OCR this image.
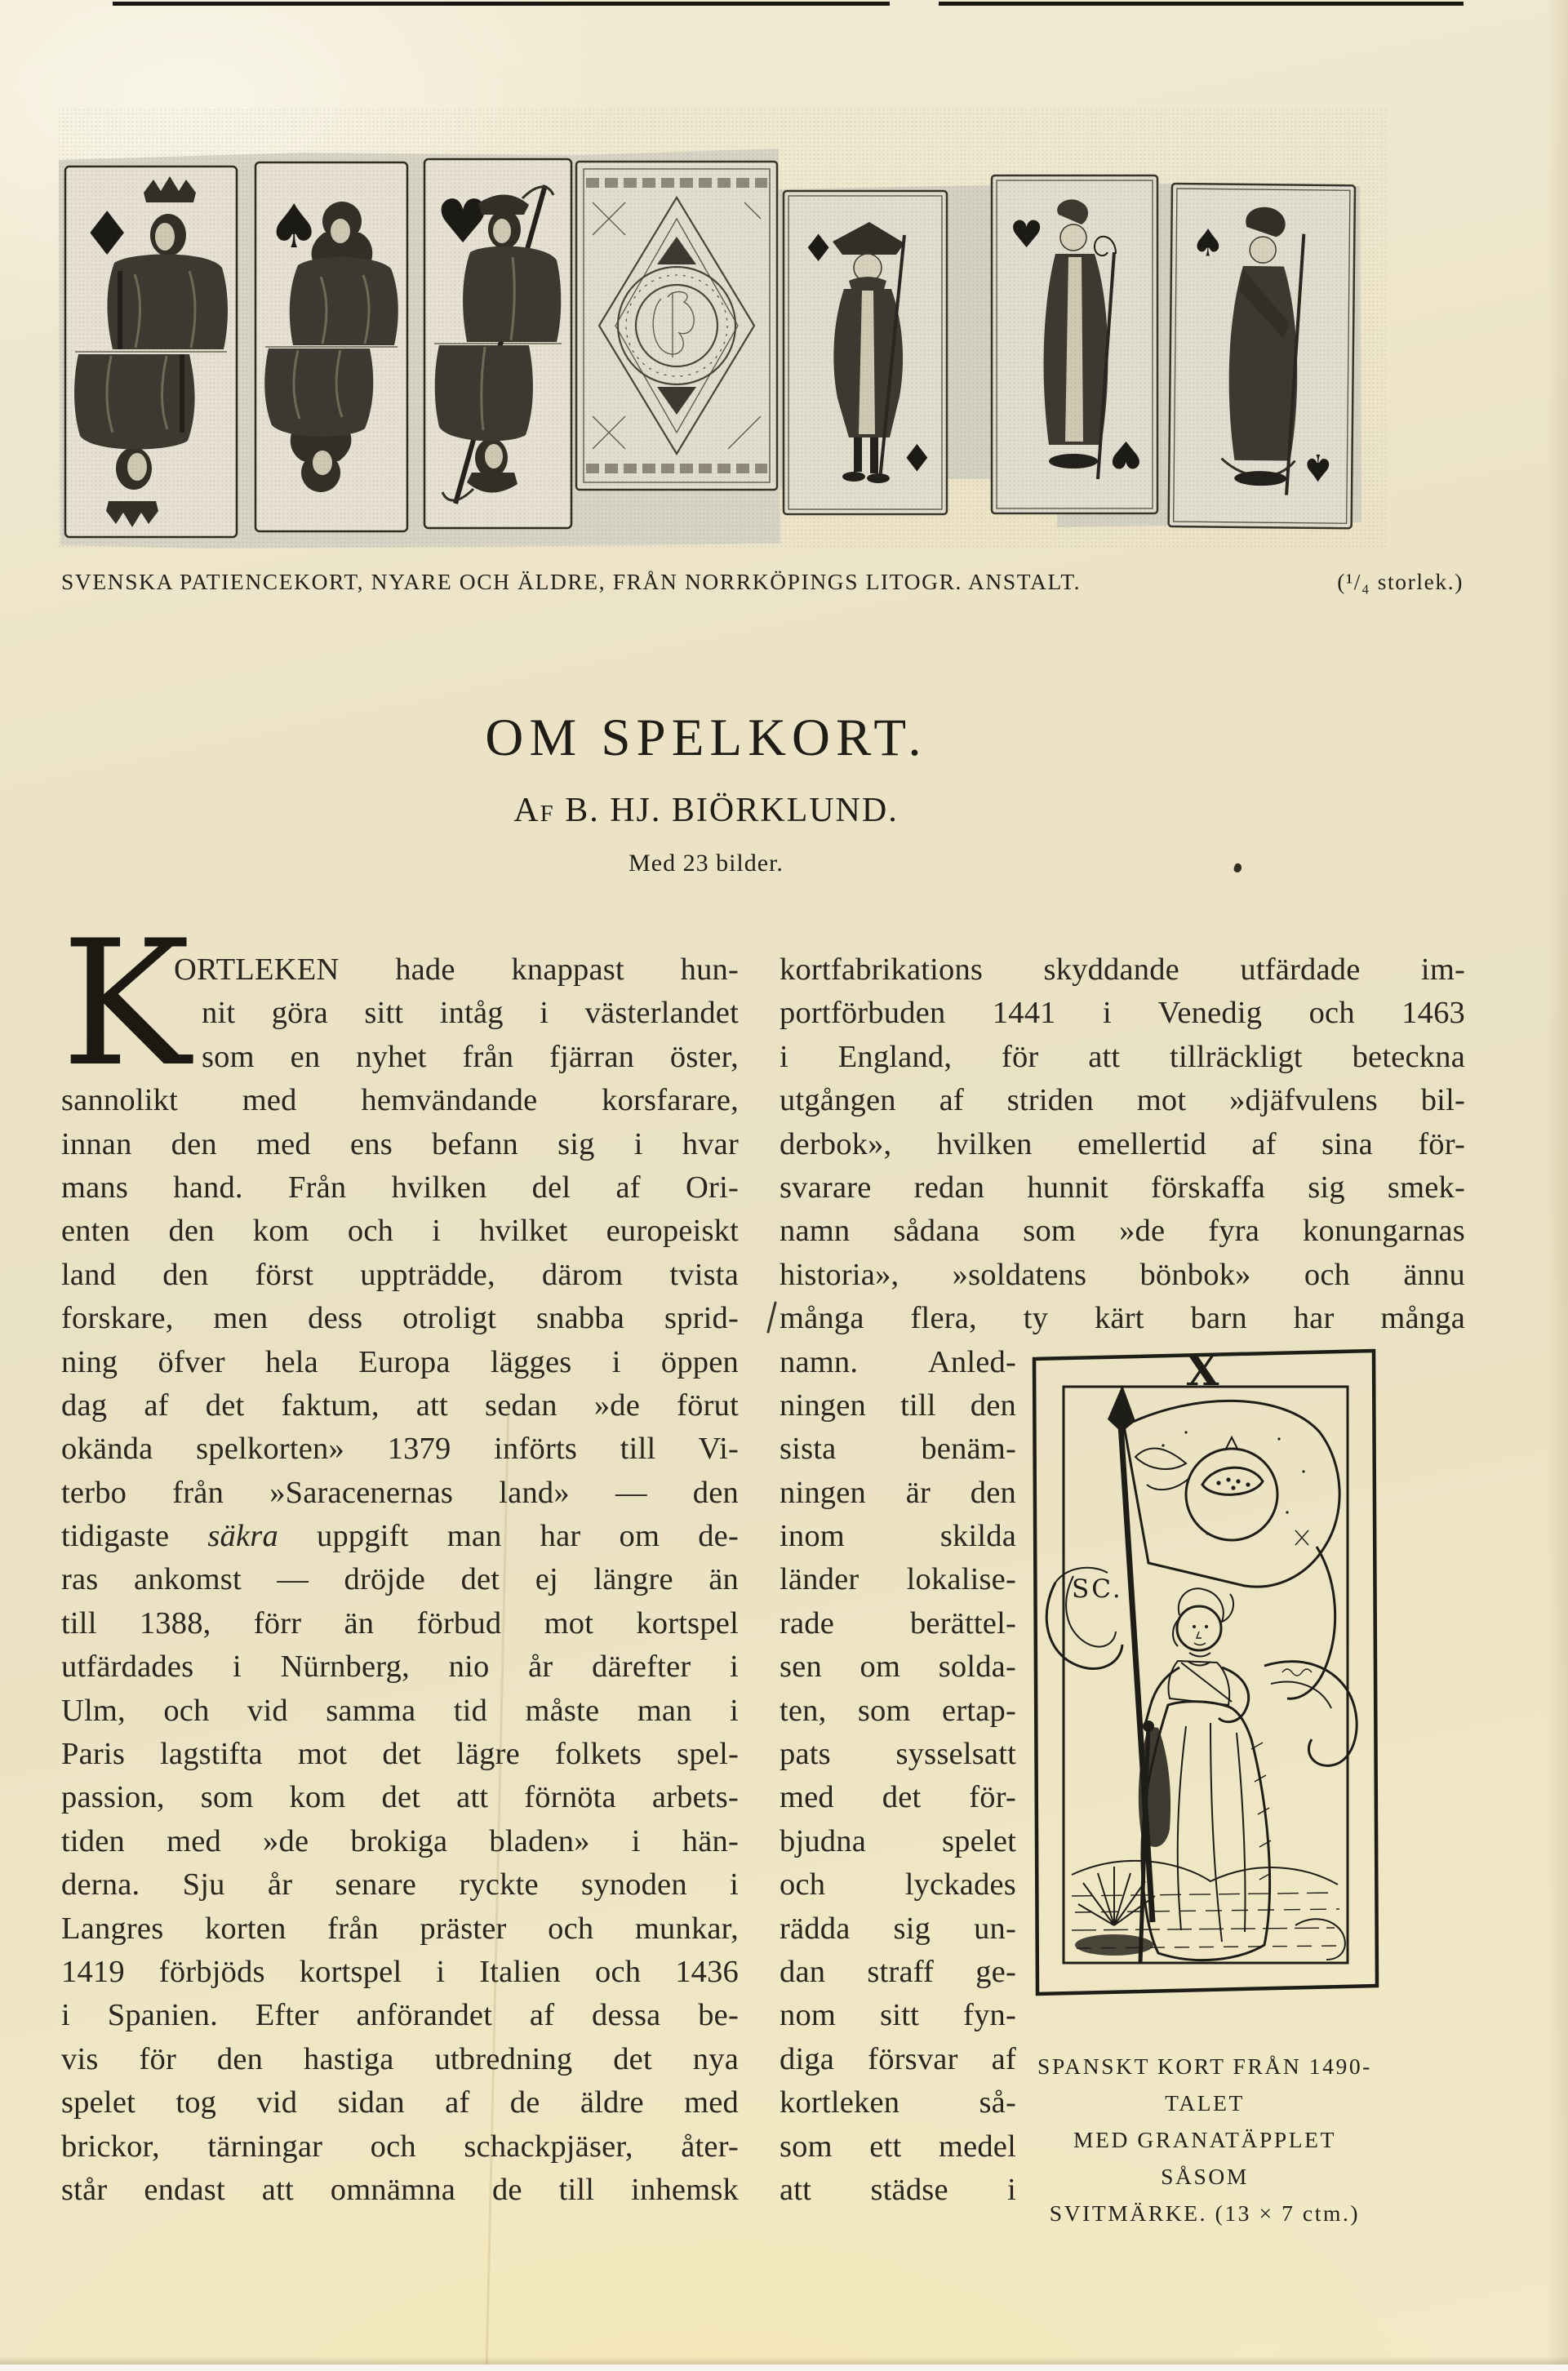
SVENSKA PATIENCEKORT, NYARE OCH ÄLDRE, FRÅN NORRKÖPINGS LITOGR. ANSTALT.	(¹/₄ storlek.)
OM SPELKORT.
Af B. HJ. BIÖRKLUND.
Med 23 bilder.
K
ORTLEKEN hade knappast hun-
nit göra sitt intåg i västerlandet
som en nyhet från fjärran öster,
sannolikt med hemvändande korsfarare,
innan den med ens befann sig i hvar
mans hand. Från hvilken del af Ori-
enten den kom och i hvilket europeiskt
land den först uppträdde, därom tvista
forskare, men dess otroligt snabba sprid-
ning öfver hela Europa lägges i öppen
dag af det faktum, att sedan »de förut
okända spelkorten» 1379 införts till Vi-
terbo från »Saracenernas land» — den
tidigaste säkra uppgift man har om de-
ras ankomst — dröjde det ej längre än
till 1388, förr än förbud mot kortspel
utfärdades i Nürnberg, nio år därefter i
Ulm, och vid samma tid måste man i
Paris lagstifta mot det lägre folkets spel-
passion, som kom det att förnöta arbets-
tiden med »de brokiga bladen» i hän-
derna. Sju år senare ryckte synoden i
Langres korten från präster och munkar,
1419 förbjöds kortspel i Italien och 1436
i Spanien. Efter anförandet af dessa be-
vis för den hastiga utbredning det nya
spelet tog vid sidan af de äldre med
brickor, tärningar och schackpjäser, åter-
står endast att omnämna de till inhemsk
kortfabrikations skyddande utfärdade im-
portförbuden 1441 i Venedig och 1463
i England, för att tillräckligt beteckna
utgången af striden mot »djäfvulens bil-
derbok», hvilken emellertid af sina för-
svarare redan hunnit förskaffa sig smek-
namn sådana som »de fyra konungarnas
historia», »soldatens bönbok» och ännu
många flera, ty kärt barn har många
namn. Anled-
ningen till den
sista benäm-
ningen är den
inom skilda
länder lokalise-
rade berättel-
sen om solda-
ten, som ertap-
pats sysselsatt
med det för-
bjudna spelet
och lyckades
rädda sig un-
dan straff ge-
nom sitt fyn-
diga försvar af
kortleken så-
som ett medel
att städse i
X
SC.
SPANSKT KORT FRÅN 1490-TALET
MED GRANATÄPPLET SÅSOM
SVITMÄRKE. (13 × 7 ctm.)
